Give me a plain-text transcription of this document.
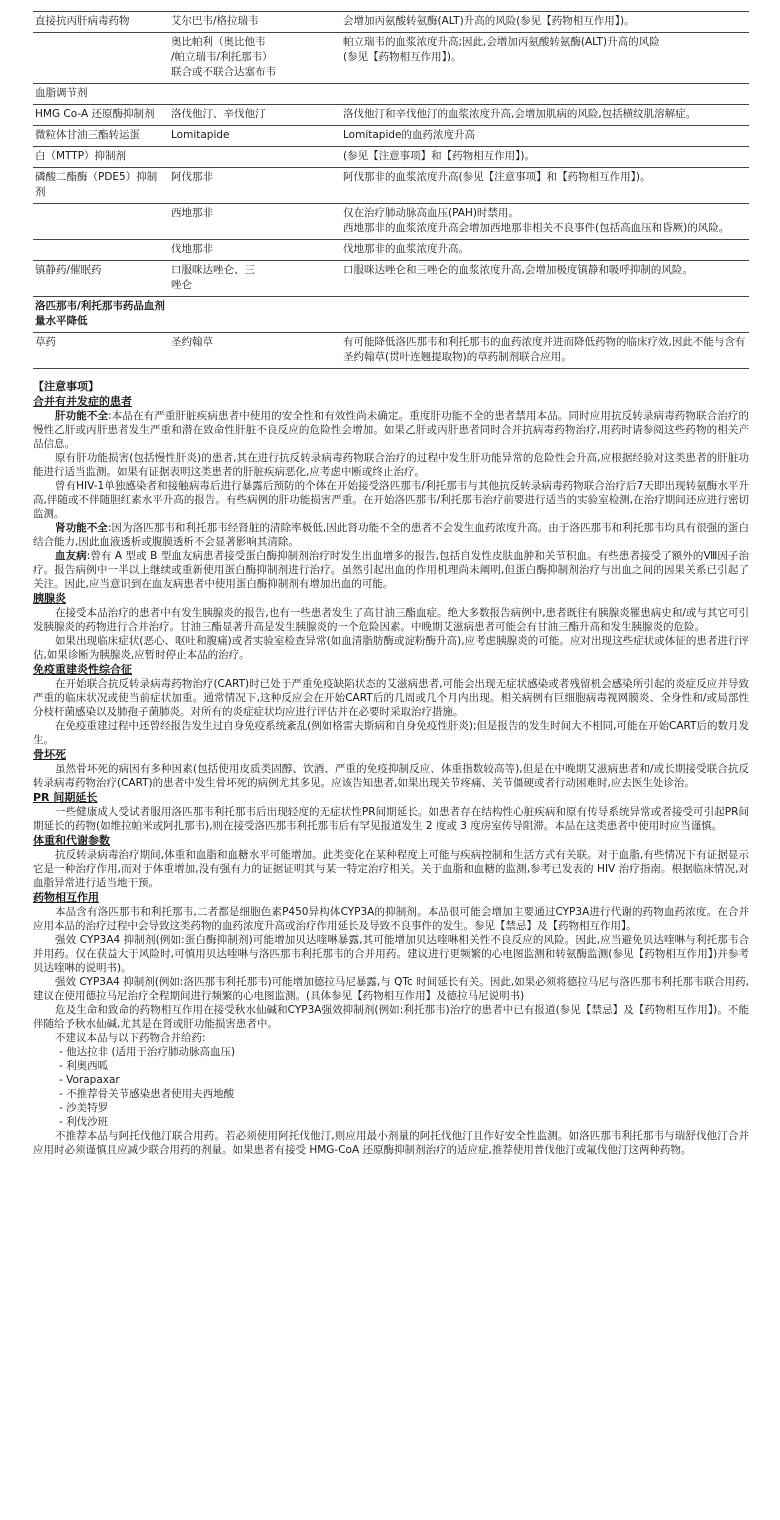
直接抗丙肝病毒药物	艾尔巴韦/格拉瑞韦	会增加丙氨酸转氨酶(ALT)升高的风险(参见【药物相互作用】)。
	奥比帕利（奥比他韦
/帕立瑞韦/利托那韦）
联合或不联合达塞布韦	帕立瑞韦的血浆浓度升高;因此,会增加丙氨酸转氨酶(ALT)升高的风险
(参见【药物相互作用】)。
血脂调节剂		
HMG Co-A 还原酶抑制剂	洛伐他汀、辛伐他汀	洛伐他汀和辛伐他汀的血浆浓度升高,会增加肌病的风险,包括横纹肌溶解症。
微粒体甘油三酯转运蛋	Lomitapide	Lomitapide的血药浓度升高
白（MTTP）抑制剂		(参见【注意事项】和【药物相互作用】)。
磷酸二酯酶（PDE5）抑制剂	阿伐那非	阿伐那非的血浆浓度升高(参见【注意事项】和【药物相互作用】)。
	西地那非	仅在治疗肺动脉高血压(PAH)时禁用。
西地那非的血浆浓度升高会增加西地那非相关不良事件(包括高血压和昏厥)的风险。
	伐地那非	伐地那非的血浆浓度升高。
镇静药/催眠药	口服咪达唑仑、三
唑仑	口服咪达唑仑和三唑仑的血浆浓度升高,会增加极度镇静和吸呼抑制的风险。
洛匹那韦/利托那韦药品血剂量水平降低		
草药	圣约翰草	有可能降低洛匹那韦和利托那韦的血药浓度并进而降低药物的临床疗效,因此不能与含有圣约翰草(贯叶连翘提取物)的草药制剂联合应用。
【注意事项】
合并有并发症的患者
肝功能不全:本品在有严重肝脏疾病患者中使用的安全性和有效性尚未确定。重度肝功能不全的患者禁用本品。同时应用抗反转录病毒药物联合治疗的慢性乙肝或丙肝患者发生严重和潜在致命性肝脏不良反应的危险性会增加。如果乙肝或丙肝患者同时合并抗病毒药物治疗,用药时请参阅这些药物的相关产品信息。
原有肝功能损害(包括慢性肝炎)的患者,其在进行抗反转录病毒药物联合治疗的过程中发生肝功能异常的危险性会升高,应根据经验对这类患者的肝脏功能进行适当监测。如果有证据表明这类患者的肝脏疾病恶化,应考虑中断或终止治疗。
曾有HIV-1单独感染者和接触病毒后进行暴露后预防的个体在开始接受洛匹那韦/利托那韦与其他抗反转录病毒药物联合治疗后7天即出现转氨酶水平升高,伴随或不伴随胆红素水平升高的报告。有些病例的肝功能损害严重。在开始洛匹那韦/利托那韦治疗前要进行适当的实验室检测,在治疗期间还应进行密切监测。
肾功能不全:因为洛匹那韦和利托那韦经肾脏的清除率极低,因此肾功能不全的患者不会发生血药浓度升高。由于洛匹那韦和利托那韦均具有很强的蛋白结合能力,因此血液透析或腹膜透析不会显著影响其清除。
血友病:曾有 A 型或 B 型血友病患者接受蛋白酶抑制剂治疗时发生出血增多的报告,包括自发性皮肤血肿和关节积血。有些患者接受了额外的Ⅷ因子治疗。报告病例中一半以上继续或重新使用蛋白酶抑制剂进行治疗。虽然引起出血的作用机理尚未阐明,但蛋白酶抑制剂治疗与出血之间的因果关系已引起了关注。因此,应当意识到在血友病患者中使用蛋白酶抑制剂有增加出血的可能。
胰腺炎
在接受本品治疗的患者中有发生胰腺炎的报告,也有一些患者发生了高甘油三酯血症。绝大多数报告病例中,患者既往有胰腺炎罹患病史和/或与其它可引发胰腺炎的药物进行合并治疗。甘油三酯显著升高是发生胰腺炎的一个危险因素。中晚期艾滋病患者可能会有甘油三酯升高和发生胰腺炎的危险。
如果出现临床症状(恶心、呕吐和腹痛)或者实验室检查异常(如血清脂肪酶或淀粉酶升高),应考虑胰腺炎的可能。应对出现这些症状或体征的患者进行评估,如果诊断为胰腺炎,应暂时停止本品的治疗。
免疫重建炎性综合征
在开始联合抗反转录病毒药物治疗(CART)时已处于严重免疫缺陷状态的艾滋病患者,可能会出现无症状感染或者残留机会感染所引起的炎症反应并导致严重的临床状况或使当前症状加重。通常情况下,这种反应会在开始CART后的几周或几个月内出现。相关病例有巨细胞病毒视网膜炎、全身性和/或局部性分枝杆菌感染以及肺孢子菌肺炎。对所有的炎症症状均应进行评估并在必要时采取治疗措施。
在免疫重建过程中还曾经报告发生过自身免疫系统紊乱(例如格雷夫斯病和自身免疫性肝炎);但是报告的发生时间大不相同,可能在开始CART后的数月发生。
骨坏死
虽然骨坏死的病因有多种因素(包括使用皮质类固醇、饮酒、严重的免疫抑制反应、体重指数较高等),但是在中晚期艾滋病患者和/或长期接受联合抗反转录病毒药物治疗(CART)的患者中发生骨坏死的病例尤其多见。应该告知患者,如果出现关节疼痛、关节僵硬或者行动困难时,应去医生处诊治。
PR 间期延长
一些健康成人受试者服用洛匹那韦利托那韦后出现轻度的无症状性PR间期延长。如患者存在结构性心脏疾病和原有传导系统异常或者接受可引起PR间期延长的药物(如维拉帕米或阿扎那韦),则在接受洛匹那韦利托那韦后有罕见报道发生 2 度或 3 度房室传导阻滞。本品在这类患者中使用时应当谨慎。
体重和代谢参数
抗反转录病毒治疗期间,体重和血脂和血糖水平可能增加。此类变化在某种程度上可能与疾病控制和生活方式有关联。对于血脂,有些情况下有证据显示它是一种治疗作用,而对于体重增加,没有强有力的证据证明其与某一特定治疗相关。关于血脂和血糖的监测,参考已发表的 HIV 治疗指南。根据临床情况,对血脂异常进行适当地干预。
药物相互作用
本品含有洛匹那韦和利托那韦,二者都是细胞色素P450异构体CYP3A的抑制剂。本品很可能会增加主要通过CYP3A进行代谢的药物血药浓度。在合并应用本品的治疗过程中会导致这类药物的血药浓度升高或治疗作用延长及导致不良事件的发生。参见【禁忌】及【药物相互作用】。
强效 CYP3A4 抑制剂(例如:蛋白酶抑制剂)可能增加贝达喹啉暴露,其可能增加贝达喹啉相关性不良反应的风险。因此,应当避免贝达喹啉与利托那韦合并用药。仅在获益大于风险时,可慎用贝达喹啉与洛匹那韦利托那韦的合并用药。建议进行更频繁的心电图监测和转氨酶监测(参见【药物相互作用】)并参考贝达喹啉的说明书)。
强效 CYP3A4 抑制剂(例如:洛匹那韦利托那韦)可能增加德拉马尼暴露,与 QTc 时间延长有关。因此,如果必须将德拉马尼与洛匹那韦利托那韦联合用药,建议在使用德拉马尼治疗全程期间进行频繁的心电图监测。(具体参见【药物相互作用】及德拉马尼说明书)
危及生命和致命的药物相互作用在接受秋水仙碱和CYP3A强效抑制剂(例如:利托那韦)治疗的患者中已有报道(参见【禁忌】及【药物相互作用】)。不能伴随给予秋水仙碱,尤其是在肾或肝功能损害患者中。
不建议本品与以下药物合并给药:
- 他达拉非 (适用于治疗肺动脉高血压)
- 利奥西呱
- Vorapaxar
- 不推荐骨关节感染患者使用夫西地酸
- 沙美特罗
- 利伐沙班
不推荐本品与阿托伐他汀联合用药。若必须使用阿托伐他汀,则应用最小剂量的阿托伐他汀且作好安全性监测。如洛匹那韦利托那韦与瑞舒伐他汀合并应用时必须谨慎且应减少联合用药的剂量。如果患者有接受 HMG-CoA 还原酶抑制剂治疗的适应症,推荐使用普伐他汀或氟伐他汀这两种药物。
